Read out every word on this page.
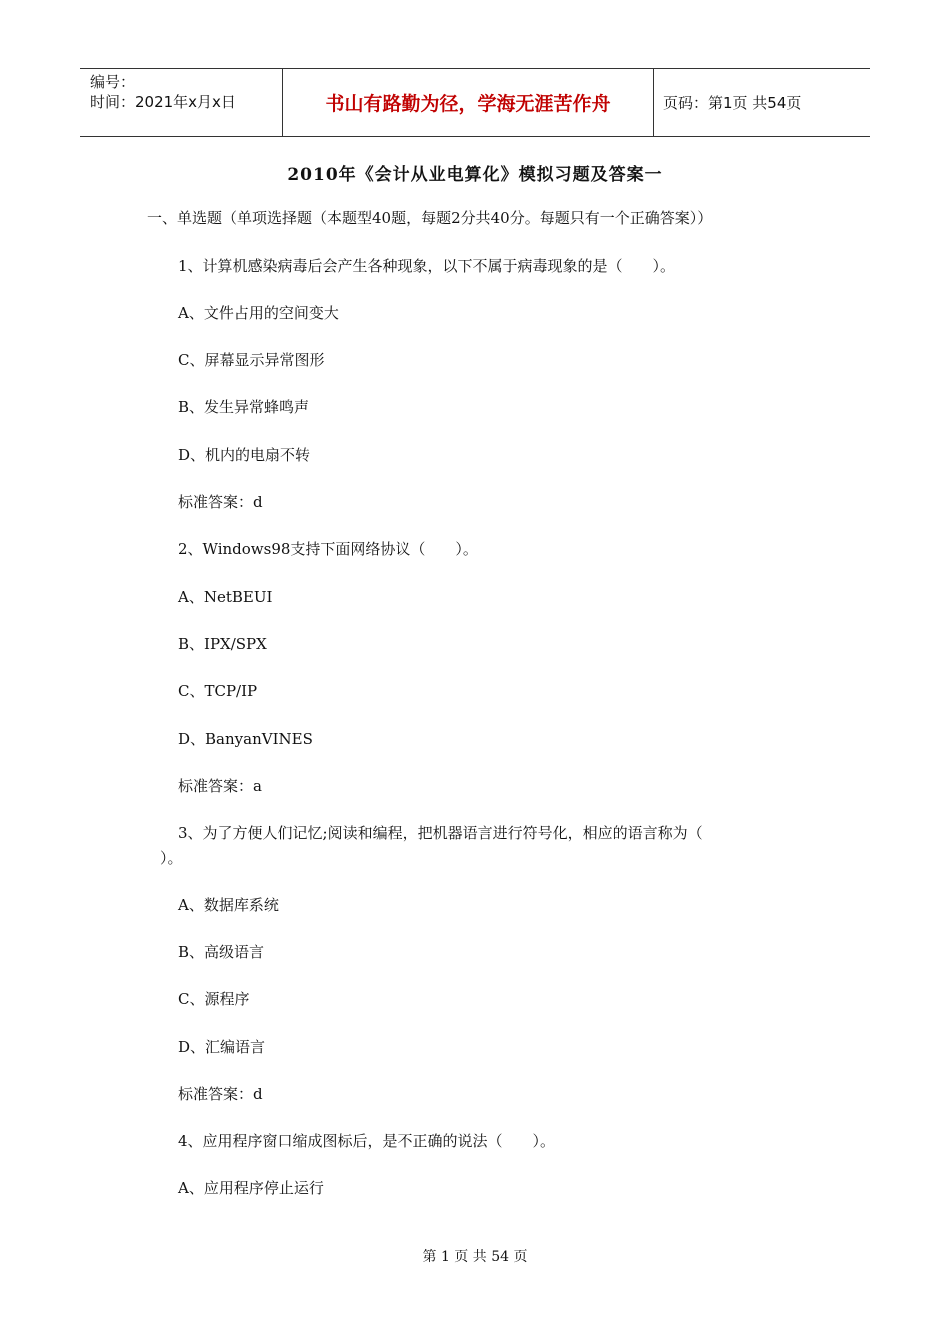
编号：
时间：2021年x月x日	书山有路勤为径，学海无涯苦作舟	页码：第1页 共54页
2010年《会计从业电算化》模拟习题及答案一
一、单选题（单项选择题（本题型40题，每题2分共40分。每题只有一个正确答案））
1、计算机感染病毒后会产生各种现象，以下不属于病毒现象的是（　　）。
A、文件占用的空间变大
C、屏幕显示异常图形
B、发生异常蜂鸣声
D、机内的电扇不转
标准答案：d
2、Windows98支持下面网络协议（　　）。
A、NetBEUI
B、IPX/SPX
C、TCP/IP
D、BanyanVINES
标准答案：a
3、为了方便人们记忆;阅读和编程，把机器语言进行符号化，相应的语言称为（
）。
A、数据库系统
B、高级语言
C、源程序
D、汇编语言
标准答案：d
4、应用程序窗口缩成图标后，是不正确的说法（　　）。
A、应用程序停止运行
第 1 页 共 54 页
